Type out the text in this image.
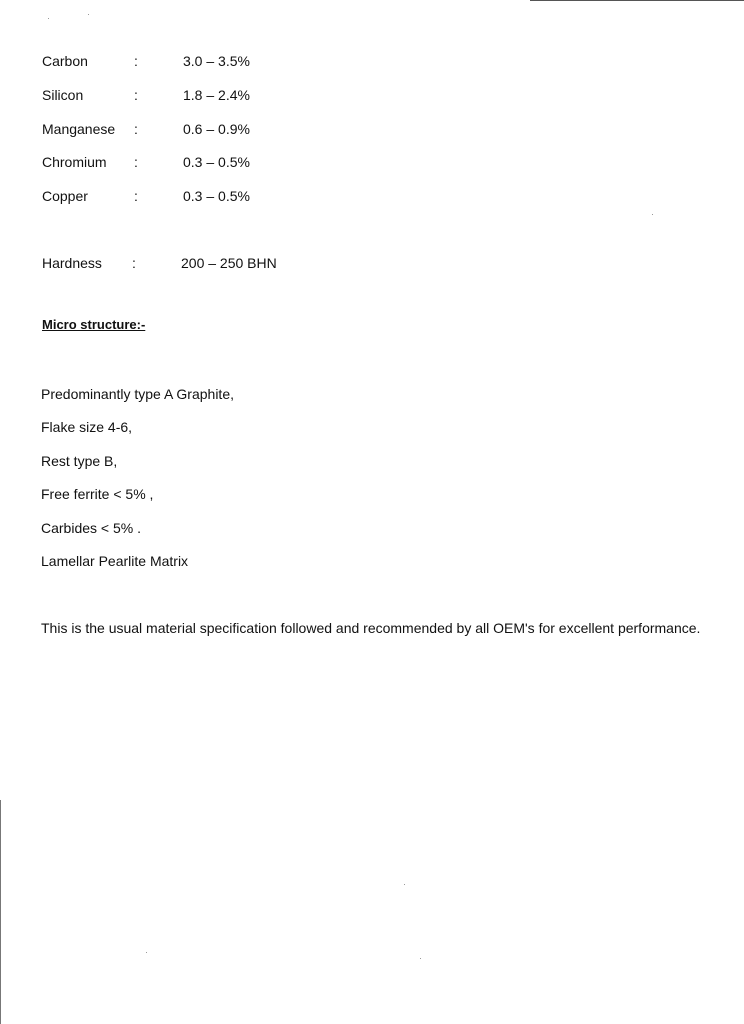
Carbon	:	3.0 – 3.5%
Silicon	:	1.8 – 2.4%
Manganese :	0.6 – 0.9%
Chromium :	0.3 – 0.5%
Copper	:	0.3 – 0.5%
Hardness :	200 – 250 BHN
Micro structure:-
Predominantly type A Graphite,
Flake size 4-6,
Rest type B,
Free ferrite < 5% ,
Carbides < 5% .
Lamellar Pearlite Matrix
This is the usual material specification followed and recommended by all OEM's for excellent performance.
